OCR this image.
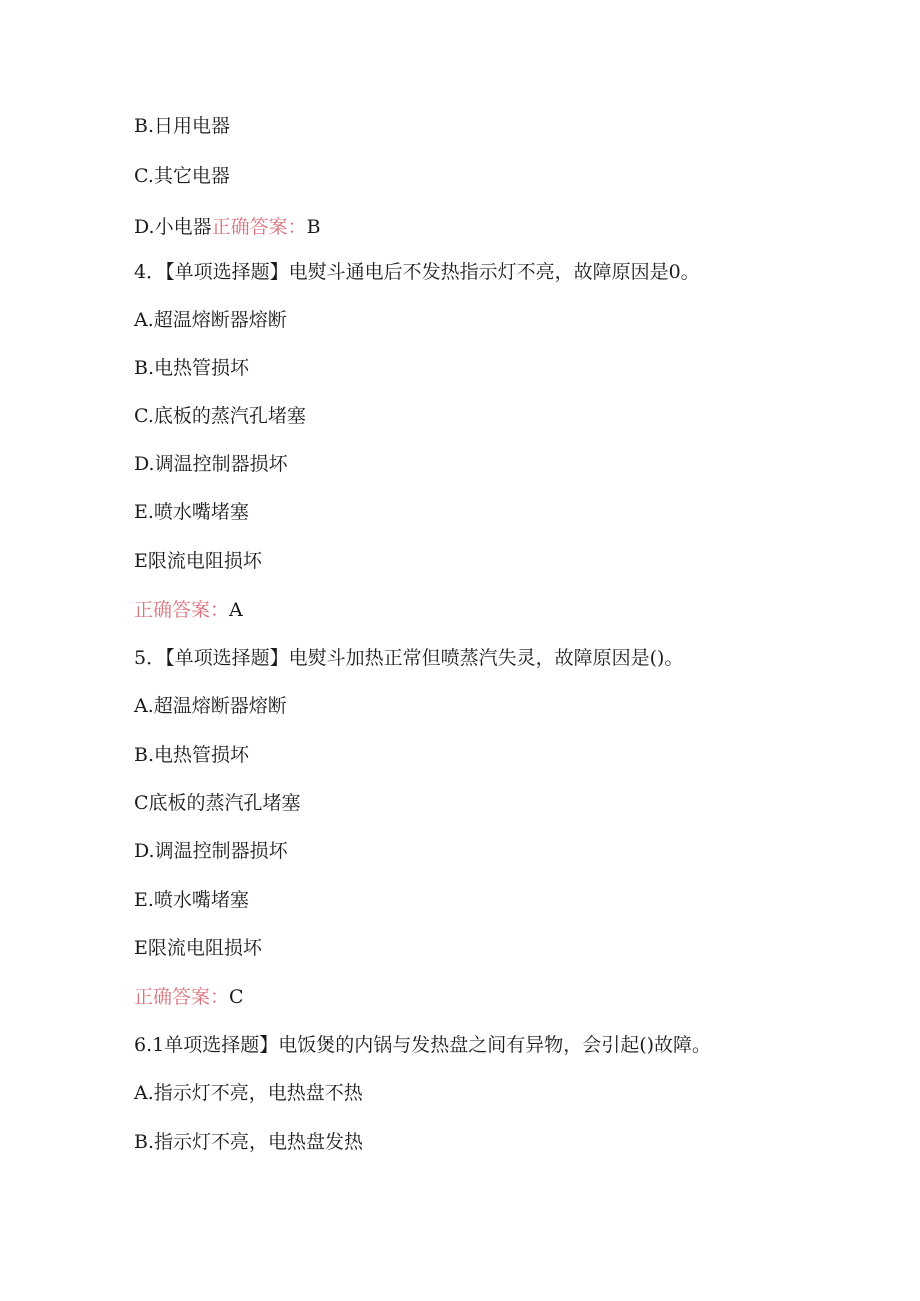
B.日用电器
C.其它电器
D.小电器正确答案：B
4．【单项选择题】电熨斗通电后不发热指示灯不亮，故障原因是0。
A.超温熔断器熔断
B.电热管损坏
C.底板的蒸汽孔堵塞
D.调温控制器损坏
E.喷水嘴堵塞
E限流电阻损坏
正确答案：A
5．【单项选择题】电熨斗加热正常但喷蒸汽失灵，故障原因是()。
A.超温熔断器熔断
B.电热管损坏
C底板的蒸汽孔堵塞
D.调温控制器损坏
E.喷水嘴堵塞
E限流电阻损坏
正确答案：C
6.1单项选择题】电饭煲的内锅与发热盘之间有异物，会引起()故障。
A.指示灯不亮，电热盘不热
B.指示灯不亮，电热盘发热
